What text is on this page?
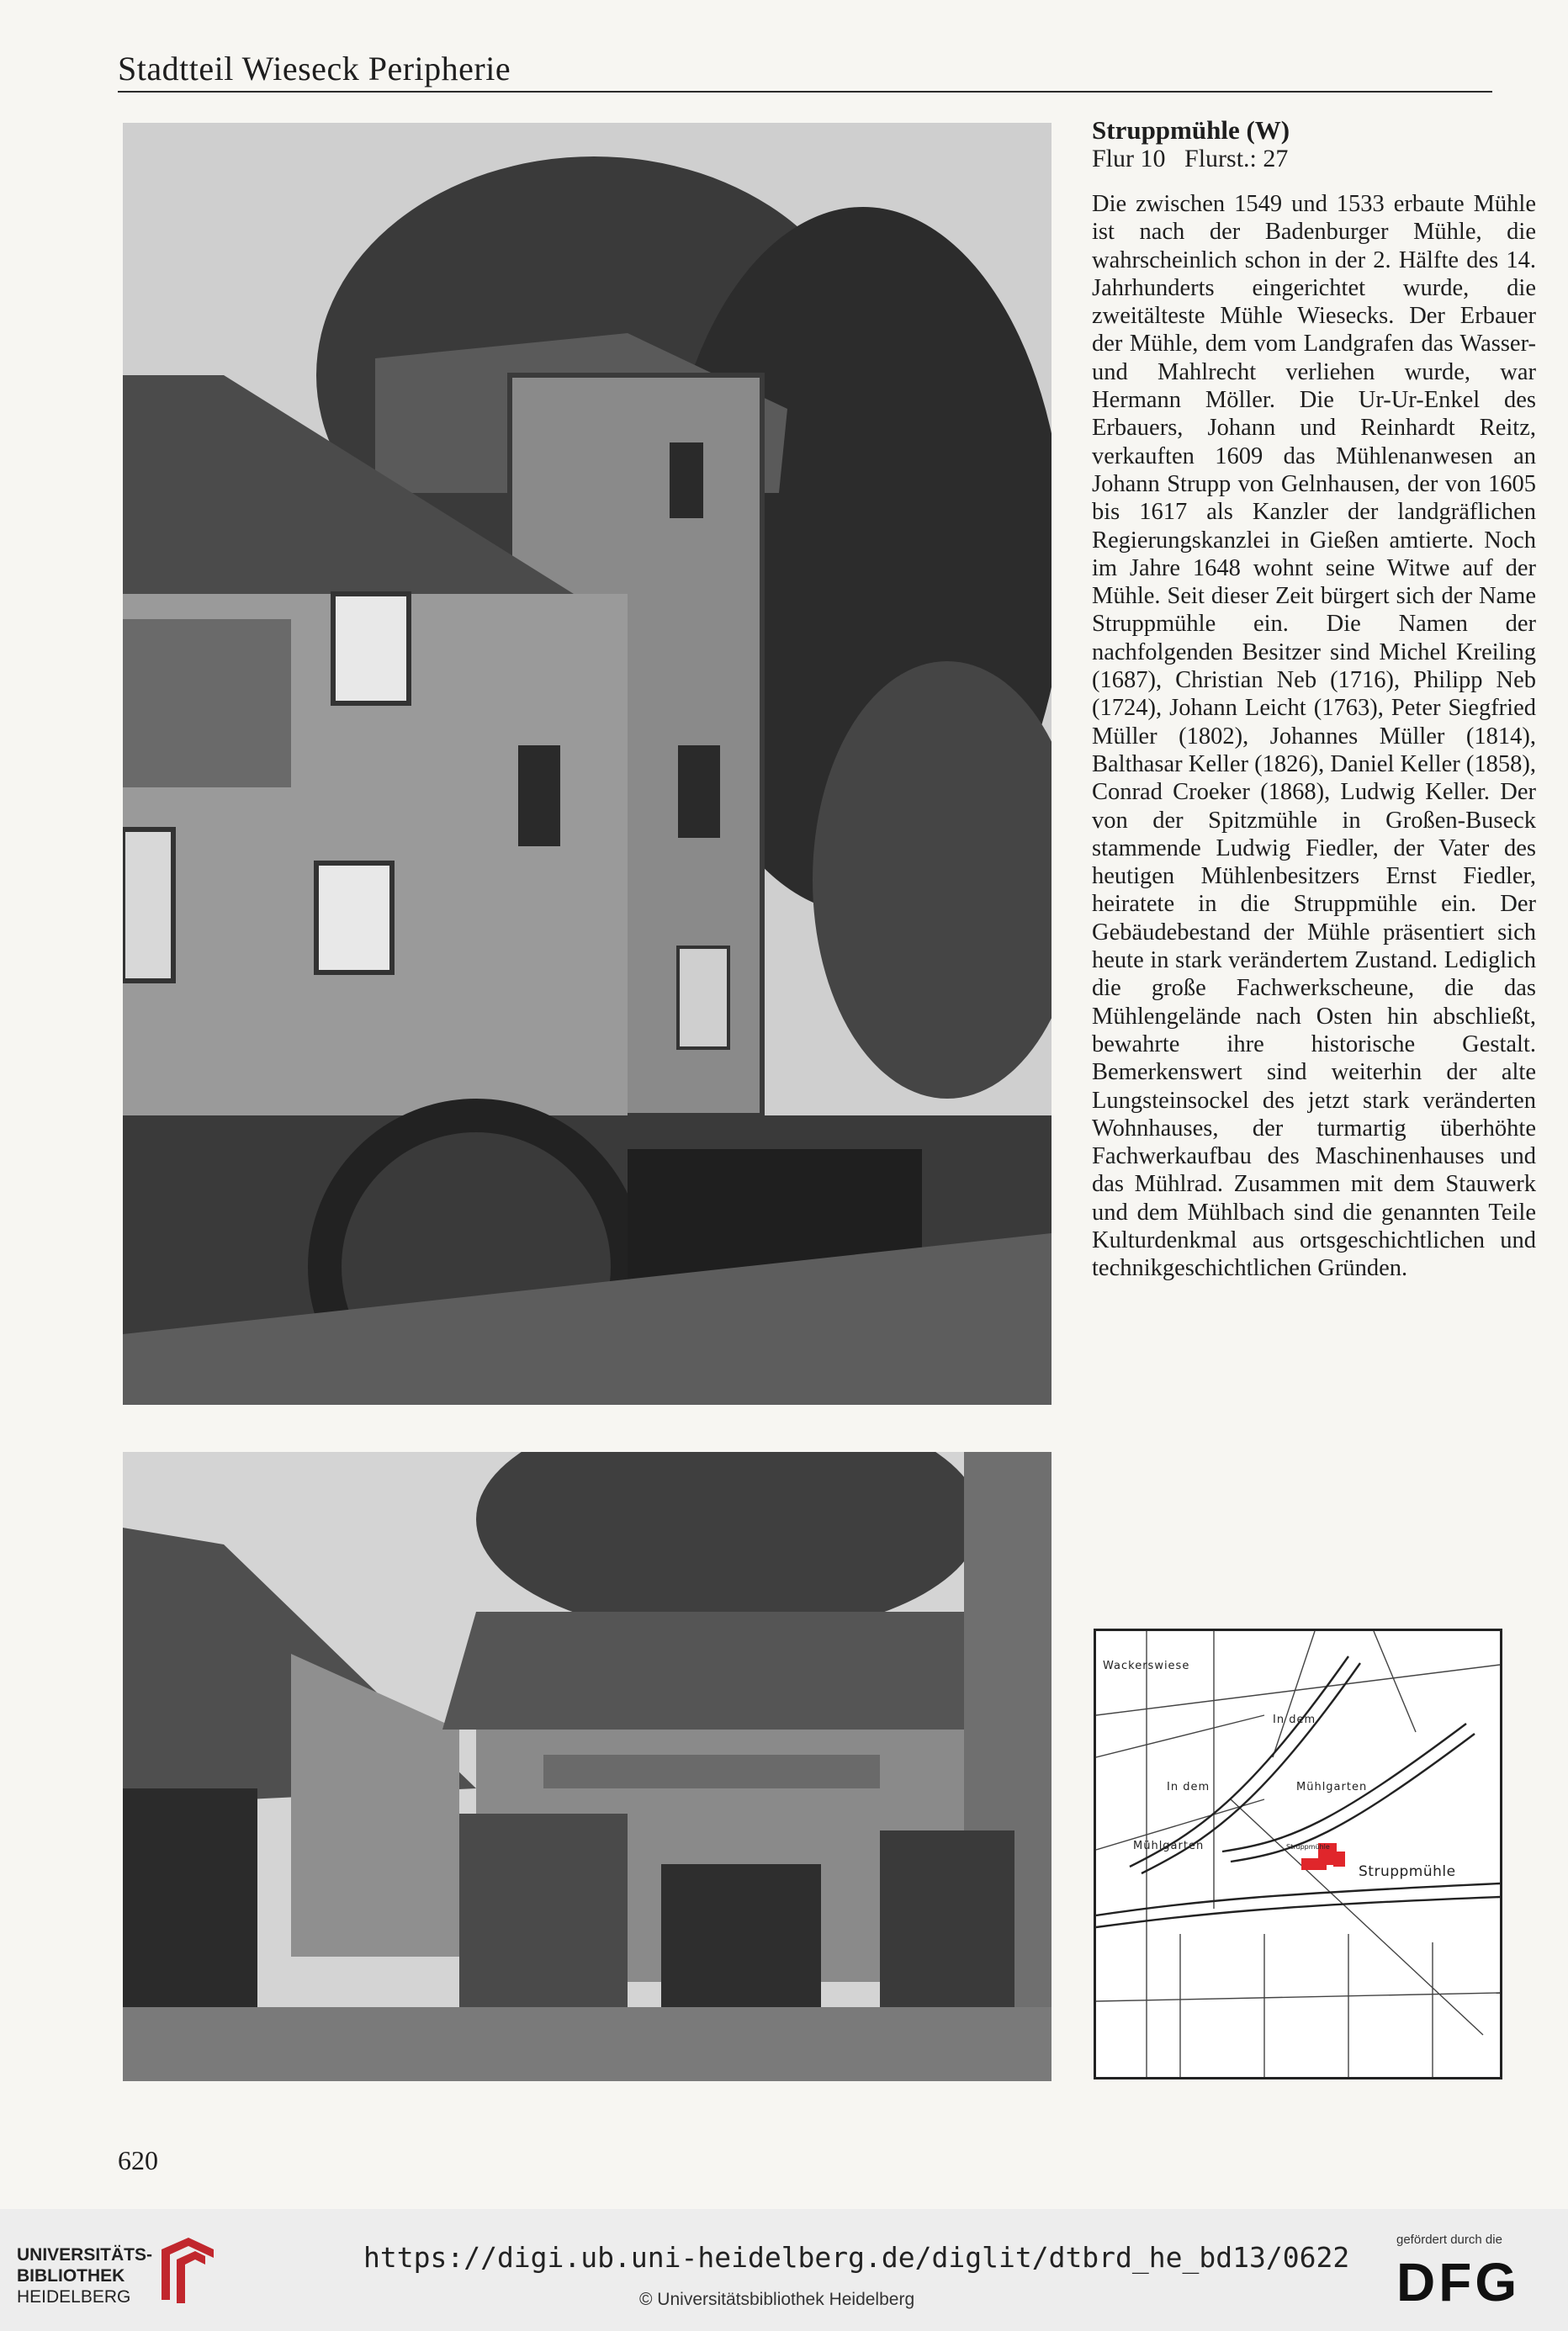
Stadtteil Wieseck Peripherie
Struppmühle (W)
Flur 10   Flurst.: 27

Die zwischen 1549 und 1533 erbaute Mühle ist nach der Badenburger Mühle, die wahrscheinlich schon in der 2. Hälfte des 14. Jahrhunderts eingerichtet wurde, die zweitälteste Mühle Wiesecks. Der Erbauer der Mühle, dem vom Landgrafen das Wasser- und Mahlrecht verliehen wurde, war Hermann Möller. Die Ur-Ur-Enkel des Erbauers, Johann und Reinhardt Reitz, verkauften 1609 das Mühlenanwesen an Johann Strupp von Gelnhausen, der von 1605 bis 1617 als Kanzler der landgräflichen Regierungskanzlei in Gießen amtierte. Noch im Jahre 1648 wohnt seine Witwe auf der Mühle. Seit dieser Zeit bürgert sich der Name Struppmühle ein. Die Namen der nachfolgenden Besitzer sind Michel Kreiling (1687), Christian Neb (1716), Philipp Neb (1724), Johann Leicht (1763), Peter Siegfried Müller (1802), Johannes Müller (1814), Balthasar Keller (1826), Daniel Keller (1858), Conrad Croeker (1868), Ludwig Keller. Der von der Spitzmühle in Großen-Buseck stammende Ludwig Fiedler, der Vater des heutigen Mühlenbesitzers Ernst Fiedler, heiratete in die Struppmühle ein. Der Gebäudebestand der Mühle präsentiert sich heute in stark verändertem Zustand. Lediglich die große Fachwerkscheune, die das Mühlengelände nach Osten hin abschließt, bewahrte ihre historische Gestalt. Bemerkenswert sind weiterhin der alte Lungsteinsockel des jetzt stark veränderten Wohnhauses, der turmartig überhöhte Fachwerkaufbau des Maschinenhauses und das Mühlrad. Zusammen mit dem Stauwerk und dem Mühlbach sind die genannten Teile Kulturdenkmal aus ortsgeschichtlichen und technikgeschichtlichen Gründen.

Wackerswiese
In dem
In dem	Mühlgarten
Mühlgarten	Struppmühle
Struppmühle
620
UNIVERSITÄTS-
BIBLIOTHEK
HEIDELBERG
https://digi.ub.uni-heidelberg.de/diglit/dtbrd_he_bd13/0622
© Universitätsbibliothek Heidelberg
gefördert durch die
DFG
